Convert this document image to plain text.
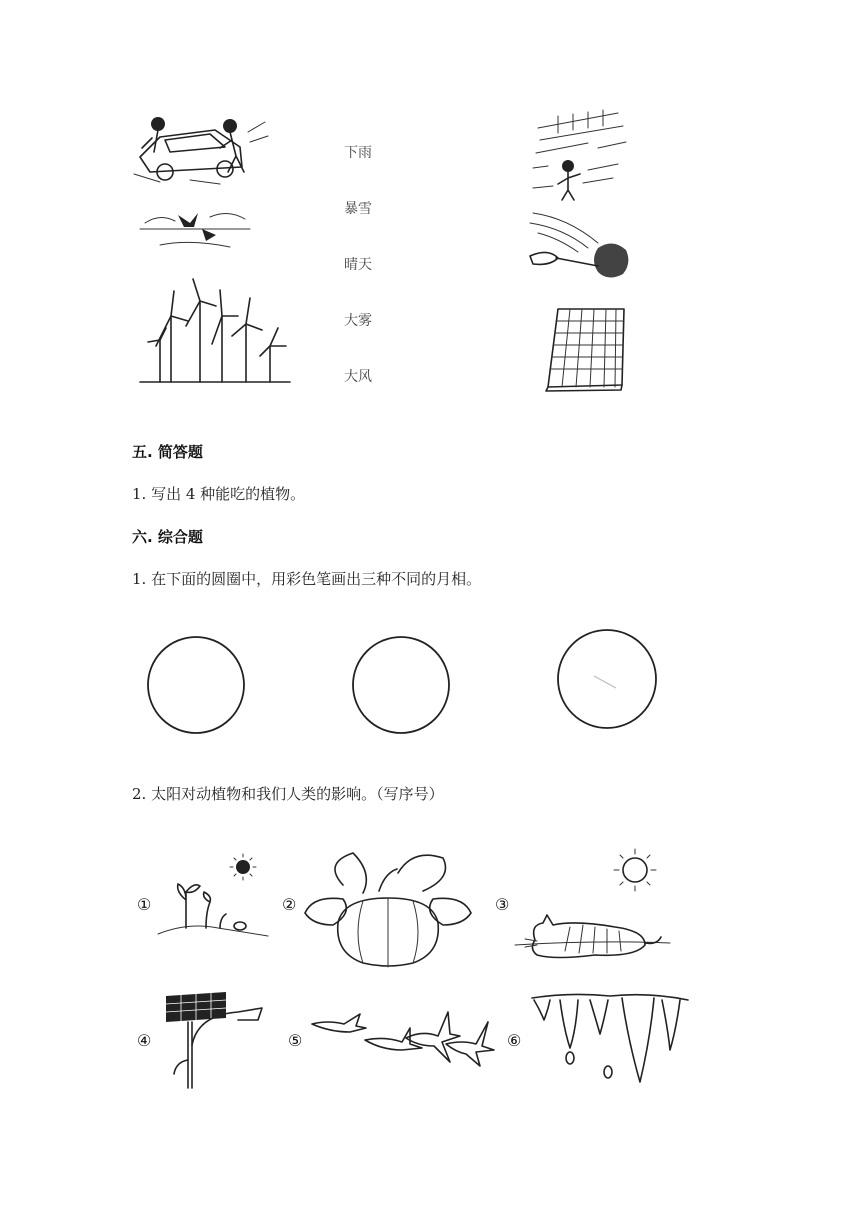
下雨
暴雪
晴天
大雾
大风
五. 简答题
1. 写出 4 种能吃的植物。
六. 综合题
1. 在下面的圆圈中，用彩色笔画出三种不同的月相。
2. 太阳对动植物和我们人类的影响。（写序号）
①	②	③
④	⑤	⑥
